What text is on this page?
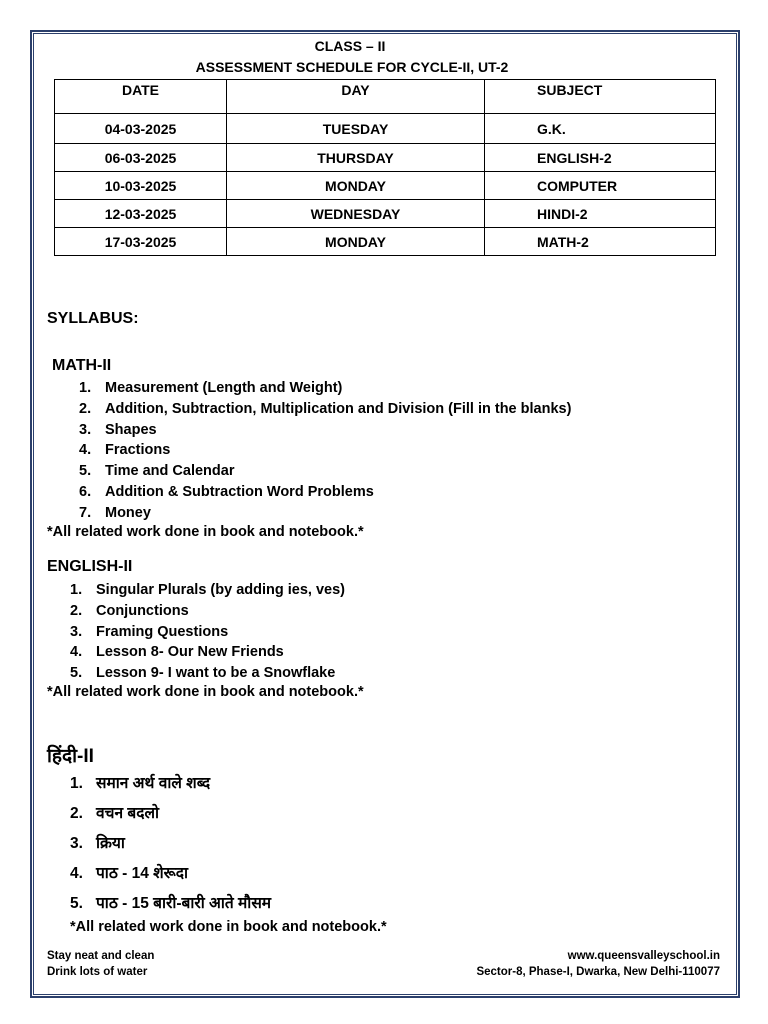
CLASS – II
ASSESSMENT SCHEDULE FOR CYCLE-II, UT-2
DATE	DAY	SUBJECT
04-03-2025	TUESDAY	G.K.
06-03-2025	THURSDAY	ENGLISH-2
10-03-2025	MONDAY	COMPUTER
12-03-2025	WEDNESDAY	HINDI-2
17-03-2025	MONDAY	MATH-2
SYLLABUS:
MATH-II
1. Measurement (Length and Weight)
2. Addition, Subtraction, Multiplication and Division (Fill in the blanks)
3. Shapes
4. Fractions
5. Time and Calendar
6. Addition & Subtraction Word Problems
7. Money
*All related work done in book and notebook.*
ENGLISH-II
1. Singular Plurals (by adding ies, ves)
2. Conjunctions
3. Framing Questions
4. Lesson 8- Our New Friends
5. Lesson 9- I want to be a Snowflake
*All related work done in book and notebook.*
हिंदी-II
1. समान अर्थ वाले शब्द
2. वचन बदलो
3. क्रिया
4. पाठ - 14 शेरूदा
5. पाठ - 15 बारी-बारी आते मौसम
*All related work done in book and notebook.*
Stay neat and clean
Drink lots of water
www.queensvalleyschool.in
Sector-8, Phase-I, Dwarka, New Delhi-110077
